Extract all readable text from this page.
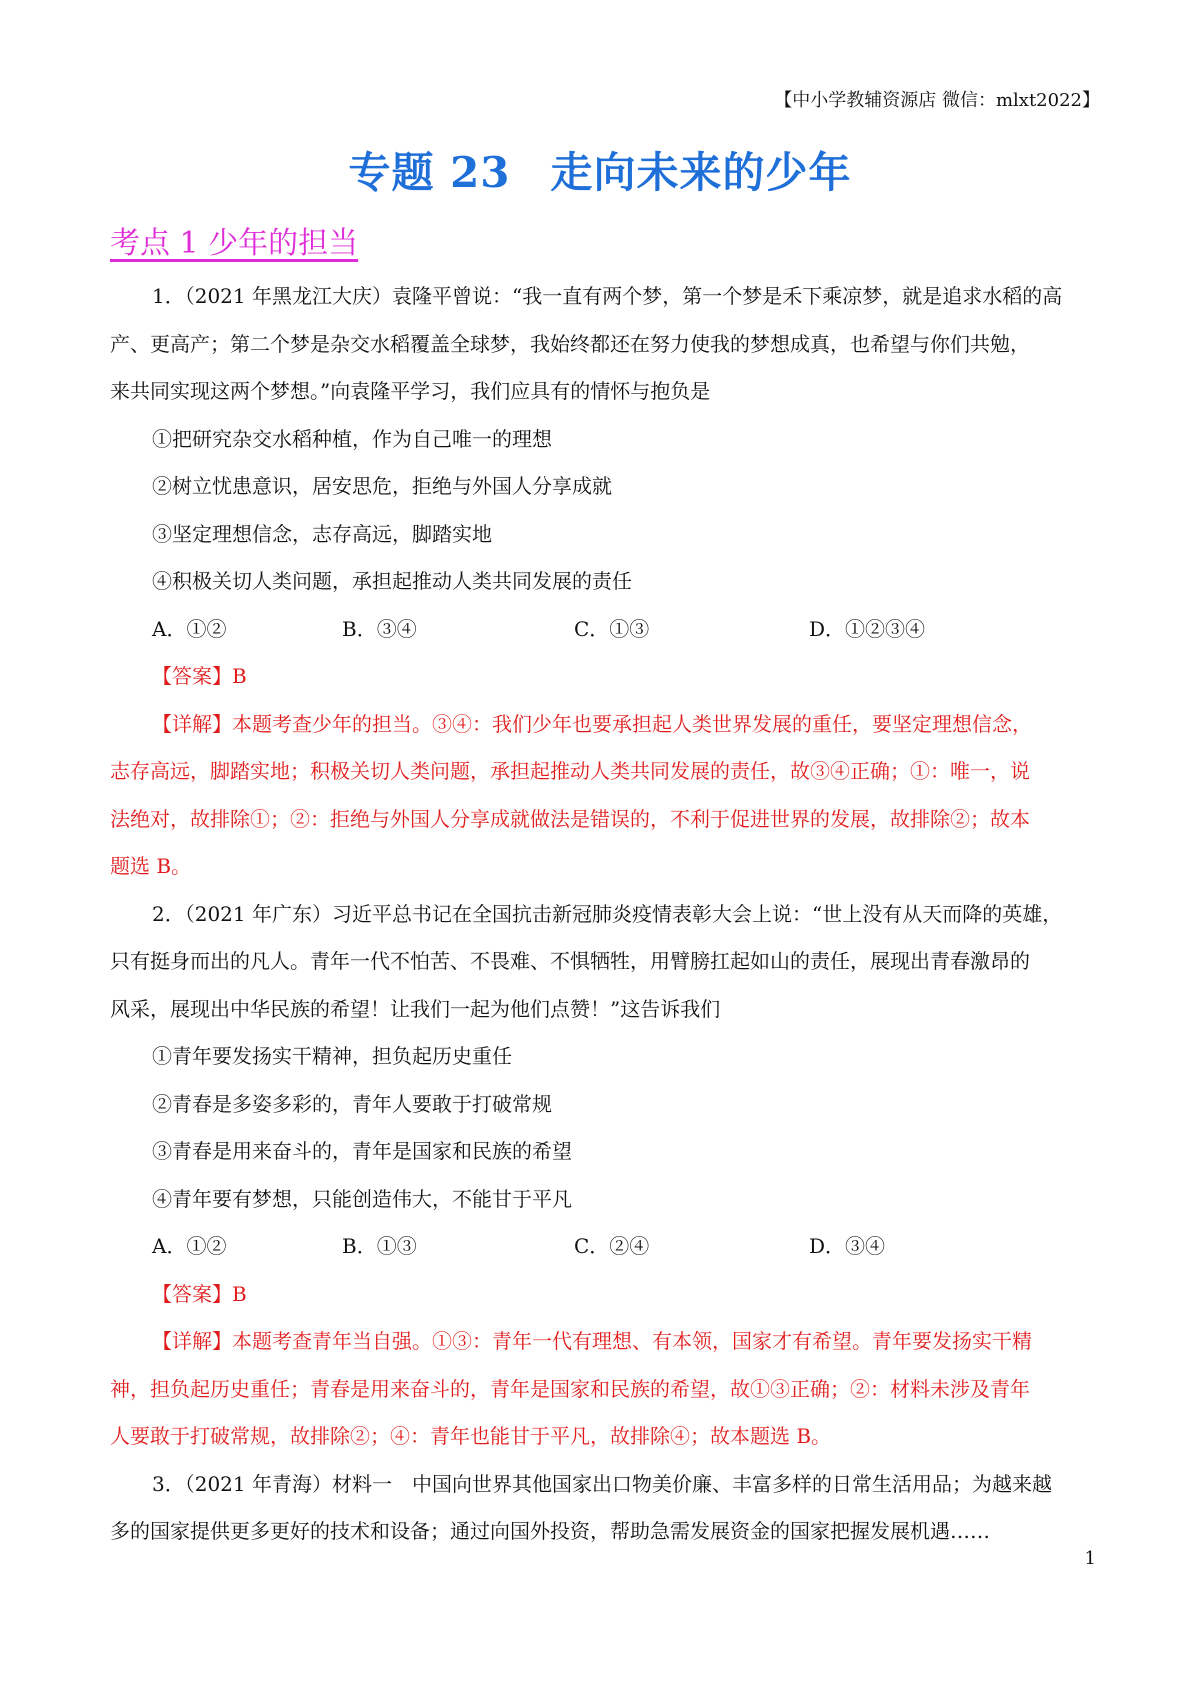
【中小学教辅资源店 微信：mlxt2022】
专题 23 走向未来的少年
考点 1 少年的担当

1．（2021 年黑龙江大庆）袁隆平曾说：“我一直有两个梦，第一个梦是禾下乘凉梦，就是追求水稻的高
产、更高产；第二个梦是杂交水稻覆盖全球梦，我始终都还在努力使我的梦想成真，也希望与你们共勉，
来共同实现这两个梦想。”向袁隆平学习，我们应具有的情怀与抱负是

①把研究杂交水稻种植，作为自己唯一的理想

②树立忧患意识，居安思危，拒绝与外国人分享成就

③坚定理想信念，志存高远，脚踏实地

④积极关切人类问题，承担起推动人类共同发展的责任

A．①②	B．③④	C．①③	D．①②③④

【答案】B

【详解】本题考查少年的担当。③④：我们少年也要承担起人类世界发展的重任，要坚定理想信念，
志存高远，脚踏实地；积极关切人类问题，承担起推动人类共同发展的责任，故③④正确；①：唯一，说
法绝对，故排除①；②：拒绝与外国人分享成就做法是错误的，不利于促进世界的发展，故排除②；故本
题选 B。

2．（2021 年广东）习近平总书记在全国抗击新冠肺炎疫情表彰大会上说：“世上没有从天而降的英雄，
只有挺身而出的凡人。青年一代不怕苦、不畏难、不惧牺牲，用臂膀扛起如山的责任，展现出青春激昂的
风采，展现出中华民族的希望！让我们一起为他们点赞！”这告诉我们

①青年要发扬实干精神，担负起历史重任

②青春是多姿多彩的，青年人要敢于打破常规

③青春是用来奋斗的，青年是国家和民族的希望

④青年要有梦想，只能创造伟大，不能甘于平凡

A．①②	B．①③	C．②④	D．③④

【答案】B

【详解】本题考查青年当自强。①③：青年一代有理想、有本领，国家才有希望。青年要发扬实干精
神，担负起历史重任；青春是用来奋斗的，青年是国家和民族的希望，故①③正确；②：材料未涉及青年
人要敢于打破常规，故排除②；④：青年也能甘于平凡，故排除④；故本题选 B。

3．（2021 年青海）材料一　中国向世界其他国家出口物美价廉、丰富多样的日常生活用品；为越来越
多的国家提供更多更好的技术和设备；通过向国外投资，帮助急需发展资金的国家把握发展机遇……

1
